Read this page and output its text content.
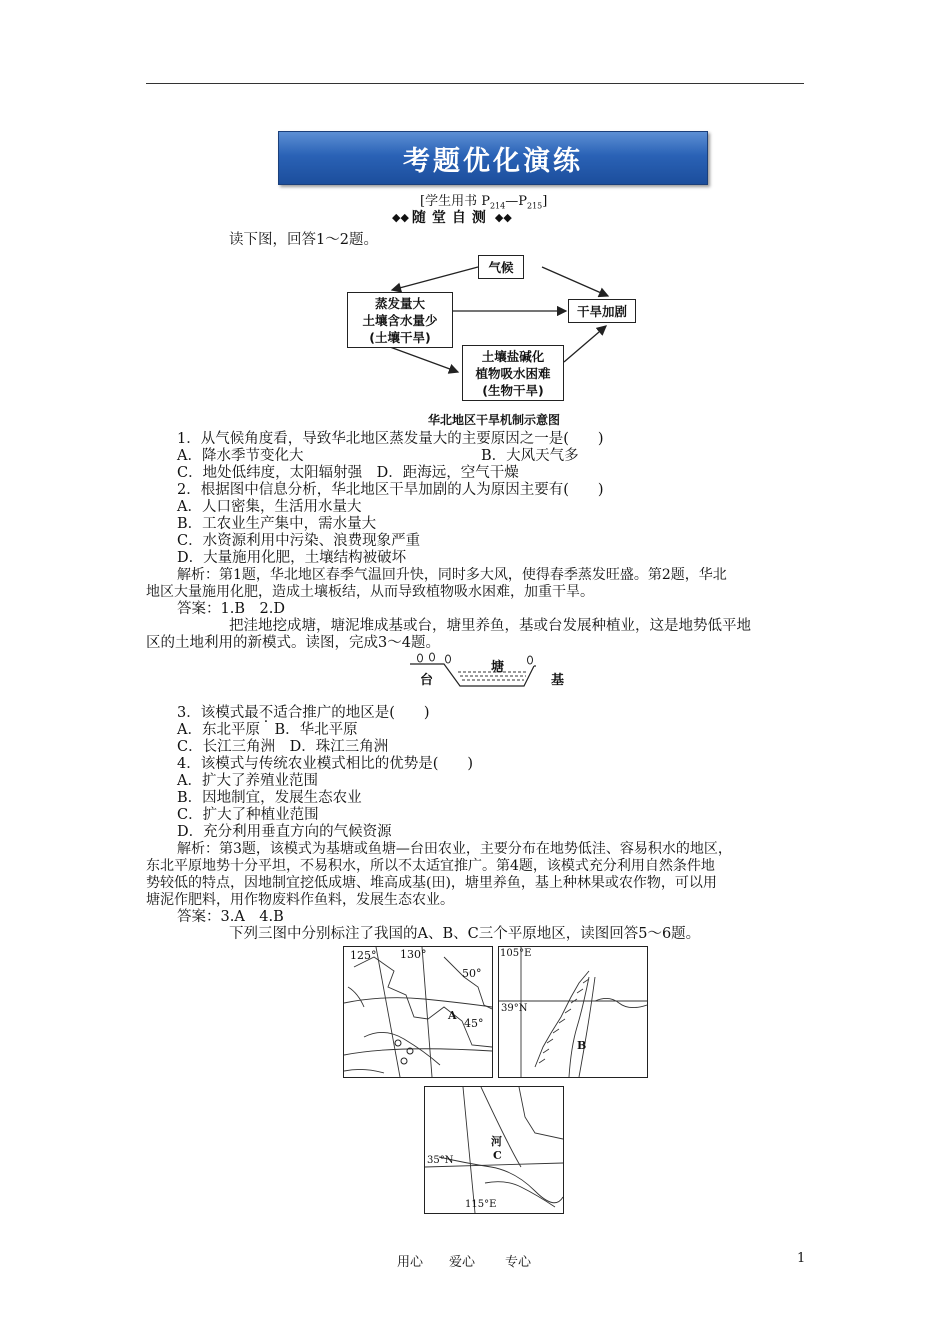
考题优化演练
[学生用书 $P_{214}—P_{215}$]
◆◆ 随堂自测 ◆◆
读下图，回答1～2题。
气候
蒸发量大
土壤含水量少
(土壤干旱)
干旱加剧
土壤盐碱化
植物吸水困难
(生物干旱)
华北地区干旱机制示意图
1．从气候角度看，导致华北地区蒸发量大的主要原因之一是(　　)
A．降水季节变化大	B．大风天气多
C．地处低纬度，太阳辐射强　D．距海远，空气干燥
2．根据图中信息分析，华北地区干旱加剧的人为原因主要有(　　)
A．人口密集，生活用水量大
B．工农业生产集中，需水量大
C．水资源利用中污染、浪费现象严重
D．大量施用化肥，土壤结构被破坏
解析：第1题，华北地区春季气温回升快，同时多大风，使得春季蒸发旺盛。第2题，华北
地区大量施用化肥，造成土壤板结，从而导致植物吸水困难，加重干旱。
答案：1.B　2.D
把洼地挖成塘，塘泥堆成基或台，塘里养鱼，基或台发展种植业，这是地势低平地
区的土地利用的新模式。读图，完成3～4题。
台
塘
基
3．该模式最不适合推广的地区是(　　)
A．东北平原　B．华北平原
C．长江三角洲　D．珠江三角洲
4．该模式与传统农业模式相比的优势是(　　)
A．扩大了养殖业范围
B．因地制宜，发展生态农业
C．扩大了种植业范围
D．充分利用垂直方向的气候资源
解析：第3题，该模式为基塘或鱼塘—台田农业，主要分布在地势低洼、容易积水的地区，
东北平原地势十分平坦，不易积水，所以不太适宜推广。第4题，该模式充分利用自然条件地
势较低的特点，因地制宜挖低成塘、堆高成基(田)，塘里养鱼，基上种林果或农作物，可以用
塘泥作肥料，用作物废料作鱼料，发展生态农业。
答案：3.A　4.B
下列三图中分别标注了我国的A、B、C三个平原地区，读图回答5～6题。
125° 130°
50°
45°
A
105°E
39°N
B
35°N
115°E
河
C
用心 爱心 专心	1
